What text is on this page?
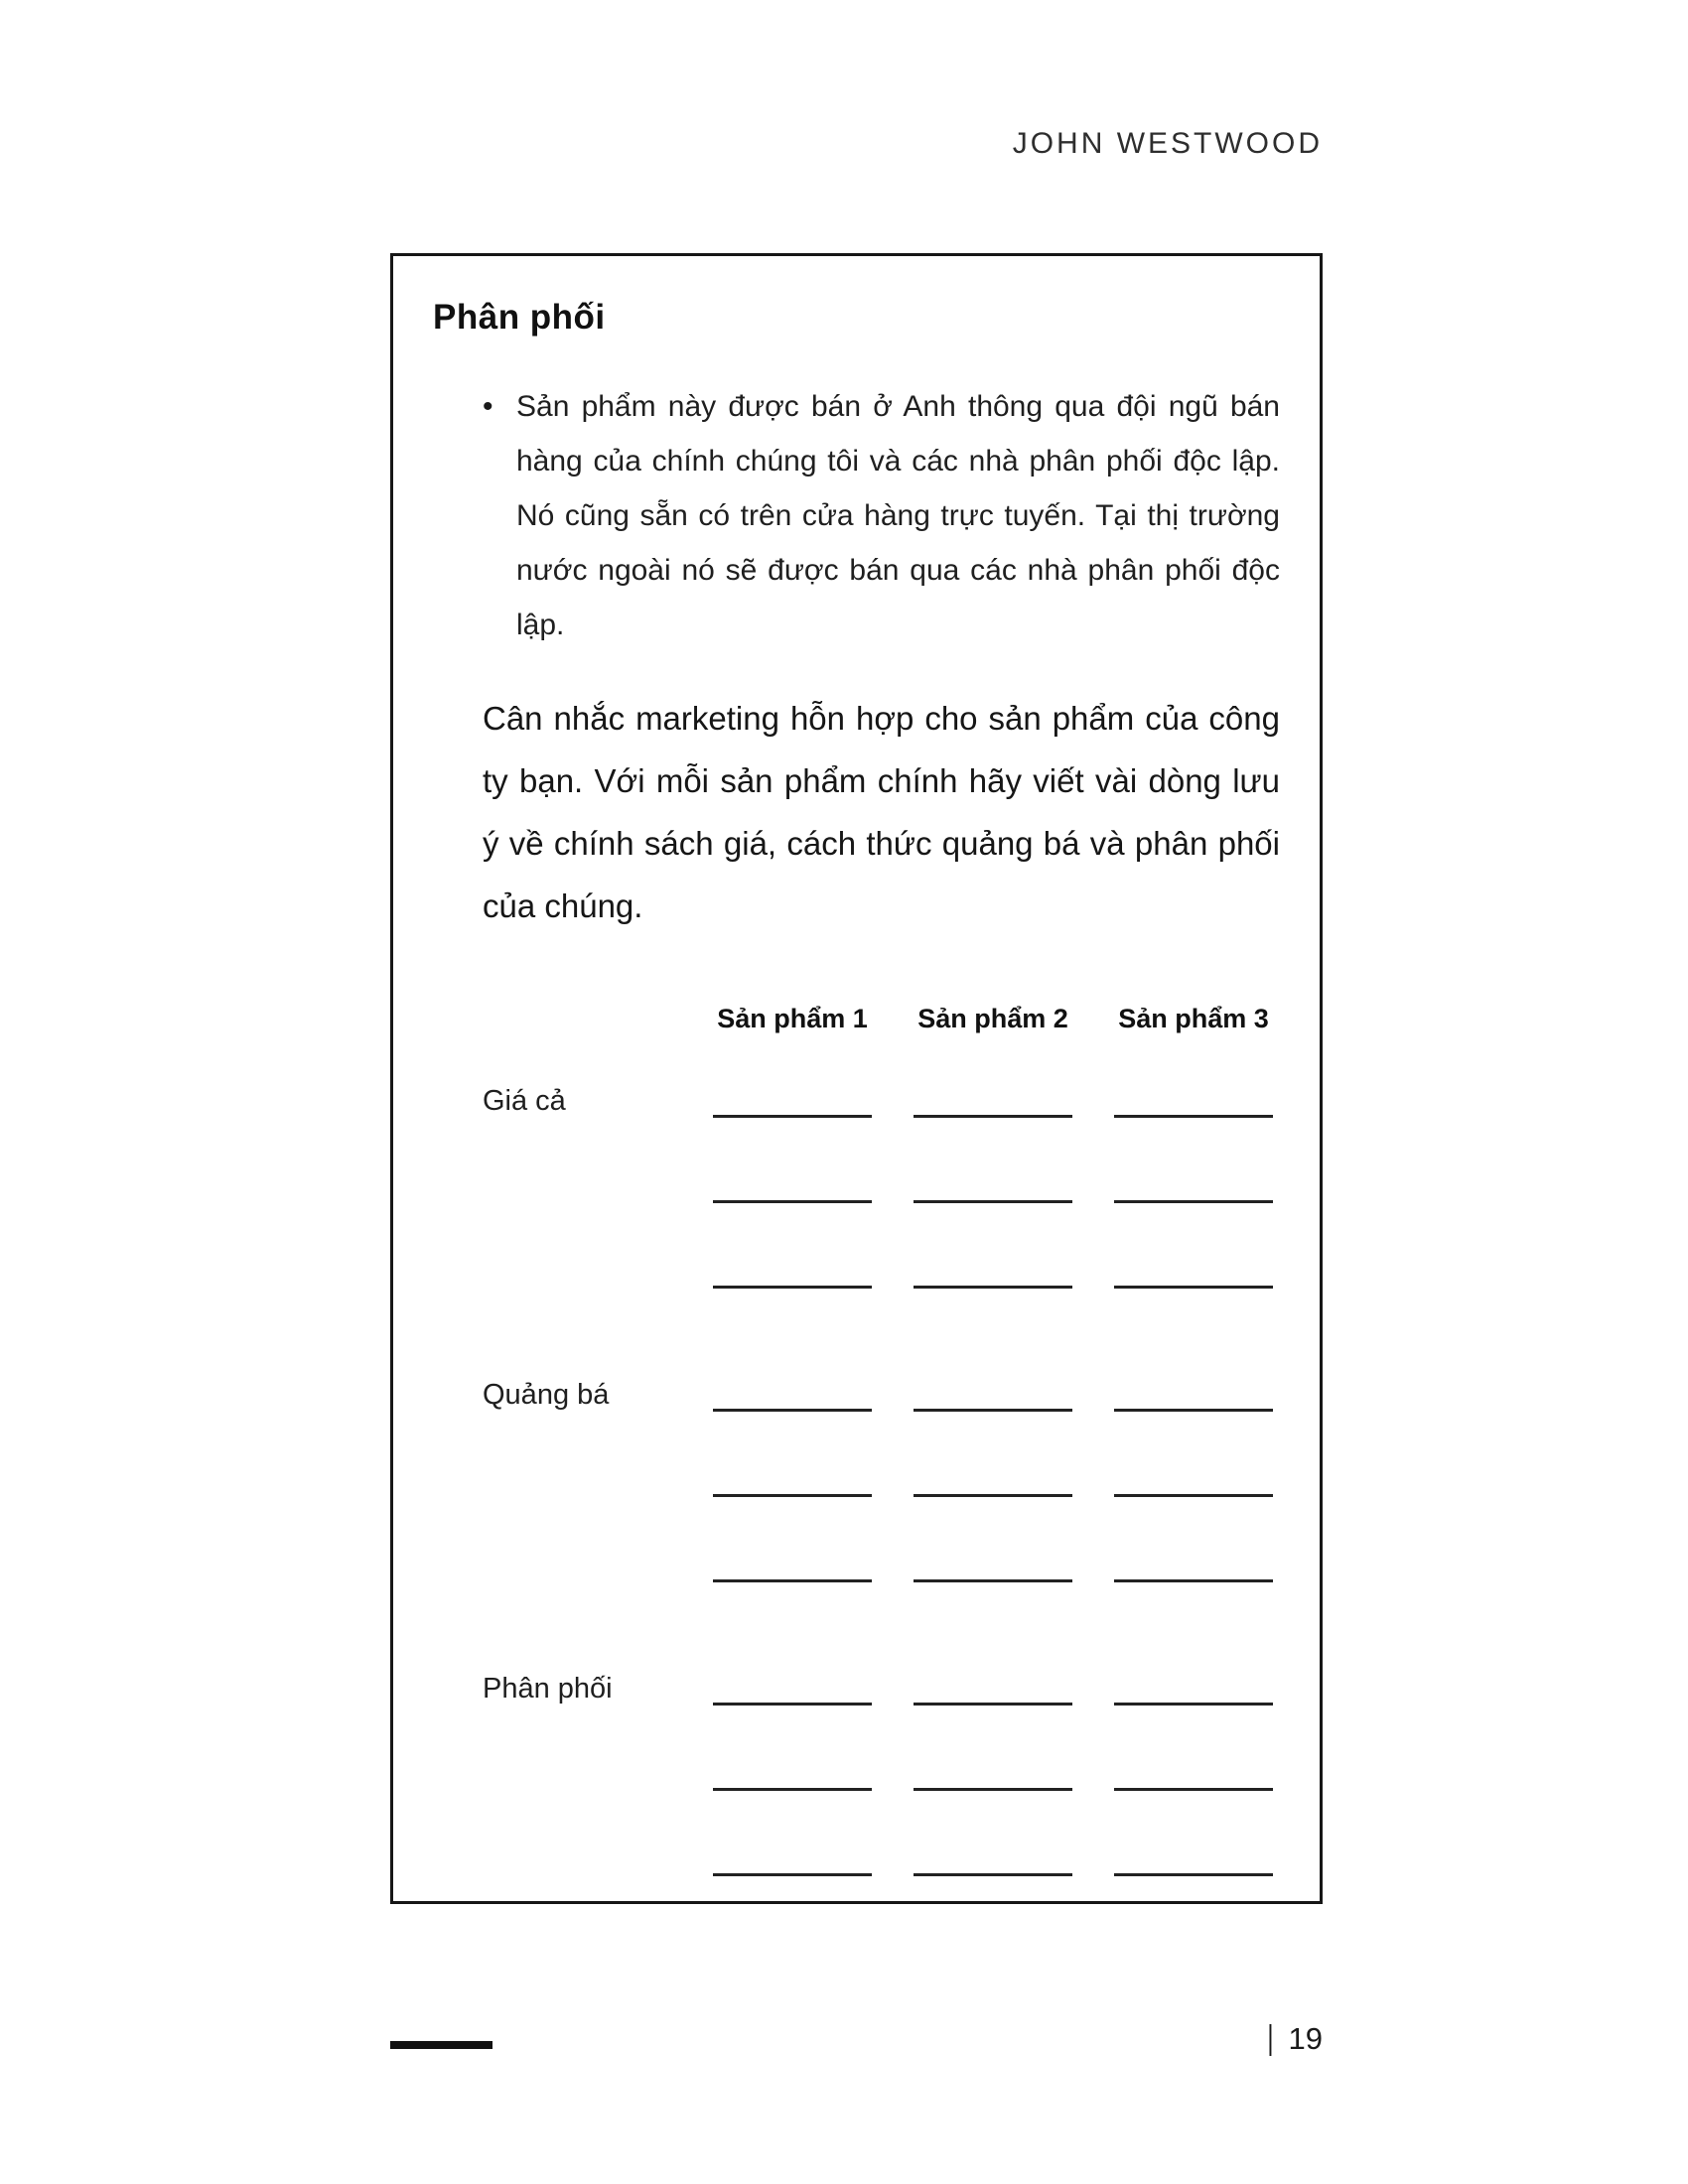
JOHN WESTWOOD
Phân phối
• Sản phẩm này được bán ở Anh thông qua đội ngũ bán hàng của chính chúng tôi và các nhà phân phối độc lập. Nó cũng sẵn có trên cửa hàng trực tuyến. Tại thị trường nước ngoài nó sẽ được bán qua các nhà phân phối độc lập.

Cân nhắc marketing hỗn hợp cho sản phẩm của công ty bạn. Với mỗi sản phẩm chính hãy viết vài dòng lưu ý về chính sách giá, cách thức quảng bá và phân phối của chúng.

Sản phẩm 1 Sản phẩm 2 Sản phẩm 3
Giá cả
Quảng bá
Phân phối
| 19
